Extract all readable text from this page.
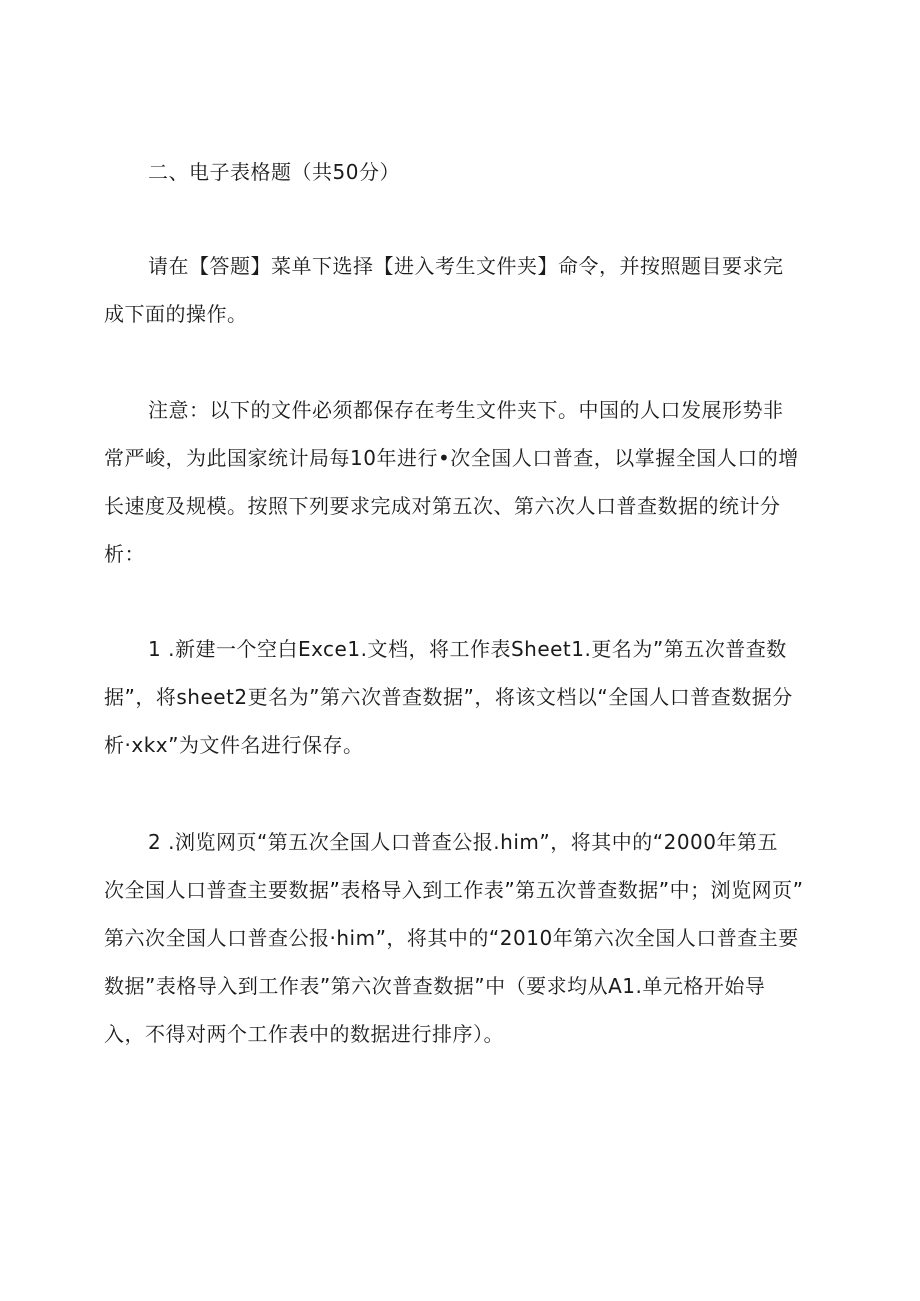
二、电子表格题（共50分）

请在【答题】菜单下选择【进入考生文件夹】命令，并按照题目要求完
成下面的操作。

注意：以下的文件必须都保存在考生文件夹下。中国的人口发展形势非
常严峻，为此国家统计局每10年进行•次全国人口普查，以掌握全国人口的增
长速度及规模。按照下列要求完成对第五次、第六次人口普查数据的统计分
析：

1 .新建一个空白Exce1.文档，将工作表Sheet1.更名为”第五次普查数
据”，将sheet2更名为”第六次普查数据”，将该文档以“全国人口普查数据分
析·xkx”为文件名进行保存。

2 .浏览网页“第五次全国人口普查公报.him”，将其中的“2000年第五
次全国人口普查主要数据”表格导入到工作表”第五次普查数据”中；浏览网页”
第六次全国人口普查公报·him”，将其中的“2010年第六次全国人口普查主要
数据”表格导入到工作表”第六次普查数据”中（要求均从A1.单元格开始导
入，不得对两个工作表中的数据进行排序）。
